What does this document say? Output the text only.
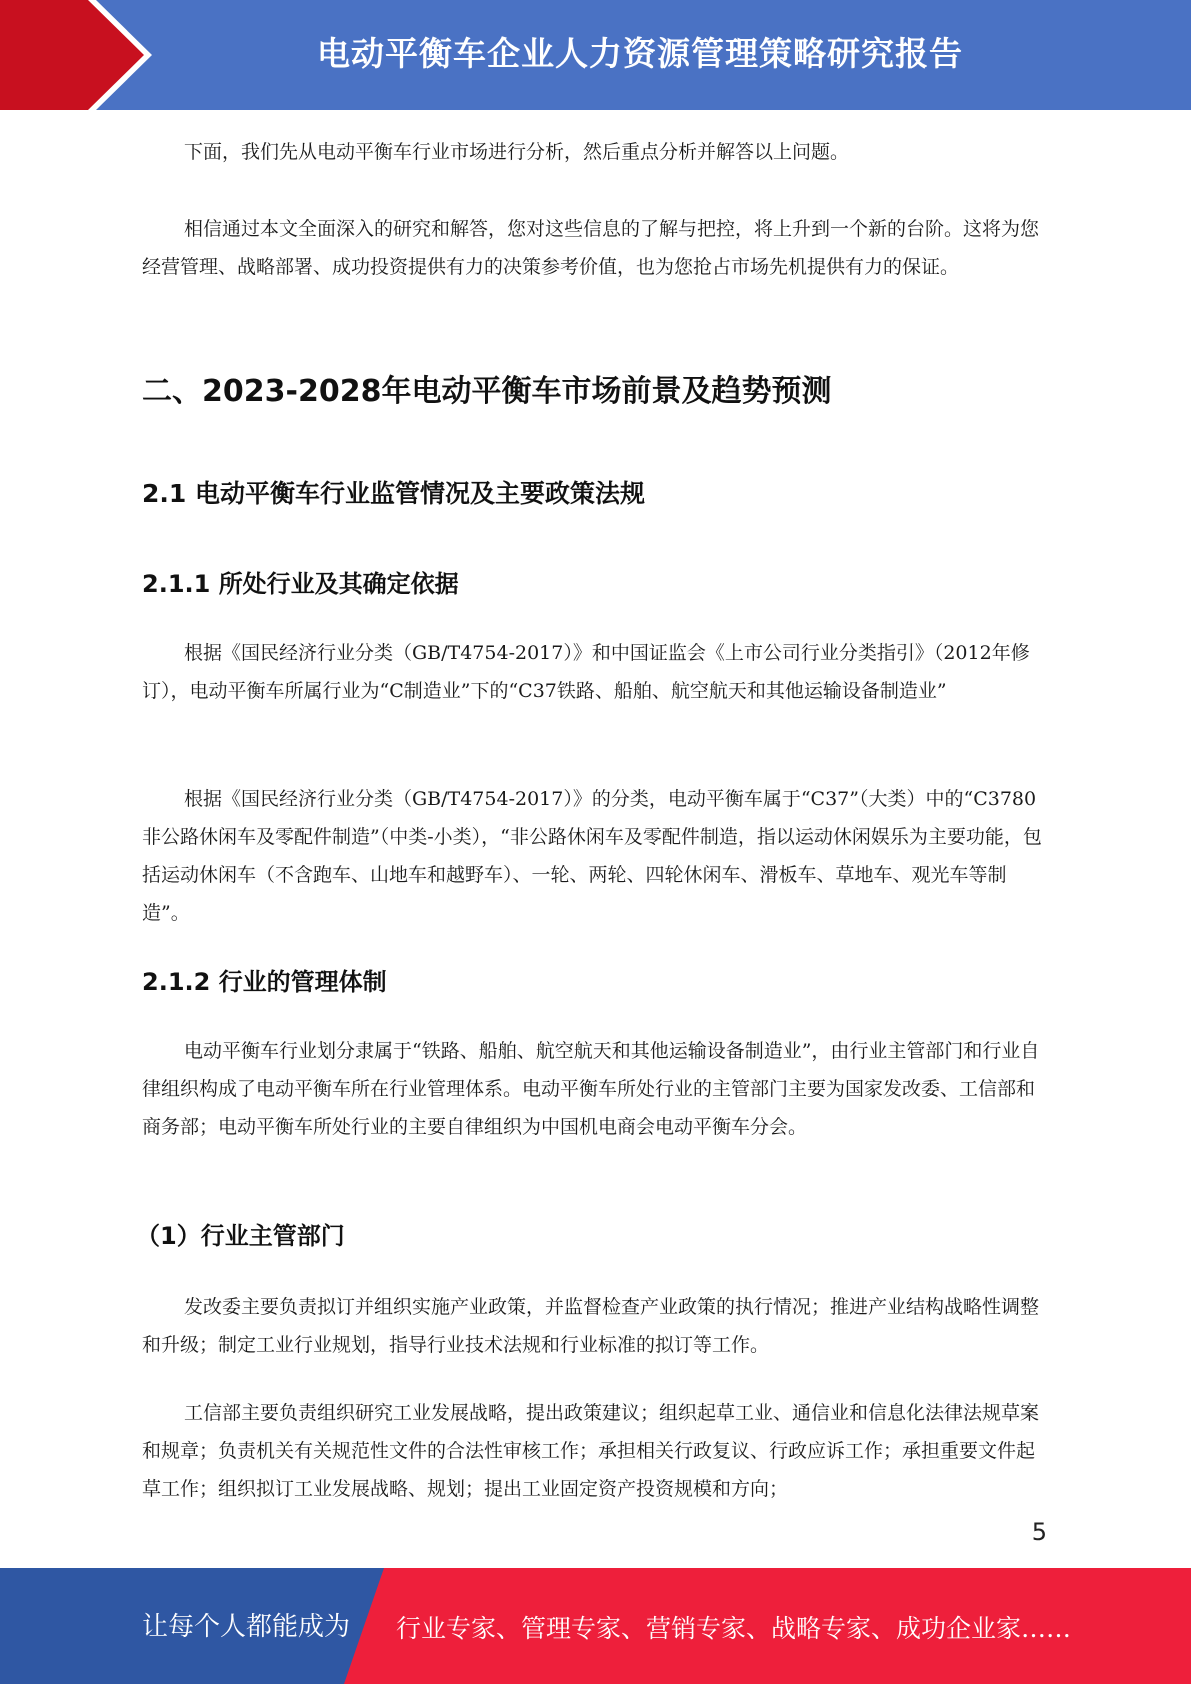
电动平衡车企业人力资源管理策略研究报告

下面，我们先从电动平衡车行业市场进行分析，然后重点分析并解答以上问题。

相信通过本文全面深入的研究和解答，您对这些信息的了解与把控，将上升到一个新的台阶。这将为您经营管理、战略部署、成功投资提供有力的决策参考价值，也为您抢占市场先机提供有力的保证。

二、2023-2028年电动平衡车市场前景及趋势预测
2.1 电动平衡车行业监管情况及主要政策法规
2.1.1 所处行业及其确定依据

根据《国民经济行业分类（GB/T4754-2017）》和中国证监会《上市公司行业分类指引》（2012年修订），电动平衡车所属行业为“C制造业”下的“C37铁路、船舶、航空航天和其他运输设备制造业”

根据《国民经济行业分类（GB/T4754-2017）》的分类，电动平衡车属于“C37”（大类）中的“C3780非公路休闲车及零配件制造”（中类-小类），“非公路休闲车及零配件制造，指以运动休闲娱乐为主要功能，包括运动休闲车（不含跑车、山地车和越野车）、一轮、两轮、四轮休闲车、滑板车、草地车、观光车等制造”。

2.1.2 行业的管理体制

电动平衡车行业划分隶属于“铁路、船舶、航空航天和其他运输设备制造业”，由行业主管部门和行业自律组织构成了电动平衡车所在行业管理体系。电动平衡车所处行业的主管部门主要为国家发改委、工信部和商务部；电动平衡车所处行业的主要自律组织为中国机电商会电动平衡车分会。

（1）行业主管部门

发改委主要负责拟订并组织实施产业政策，并监督检查产业政策的执行情况；推进产业结构战略性调整和升级；制定工业行业规划，指导行业技术法规和行业标准的拟订等工作。

工信部主要负责组织研究工业发展战略，提出政策建议；组织起草工业、通信业和信息化法律法规草案和规章；负责机关有关规范性文件的合法性审核工作；承担相关行政复议、行政应诉工作；承担重要文件起草工作；组织拟订工业发展战略、规划；提出工业固定资产投资规模和方向；

5
让每个人都能成为 行业专家、管理专家、营销专家、战略专家、成功企业家……
